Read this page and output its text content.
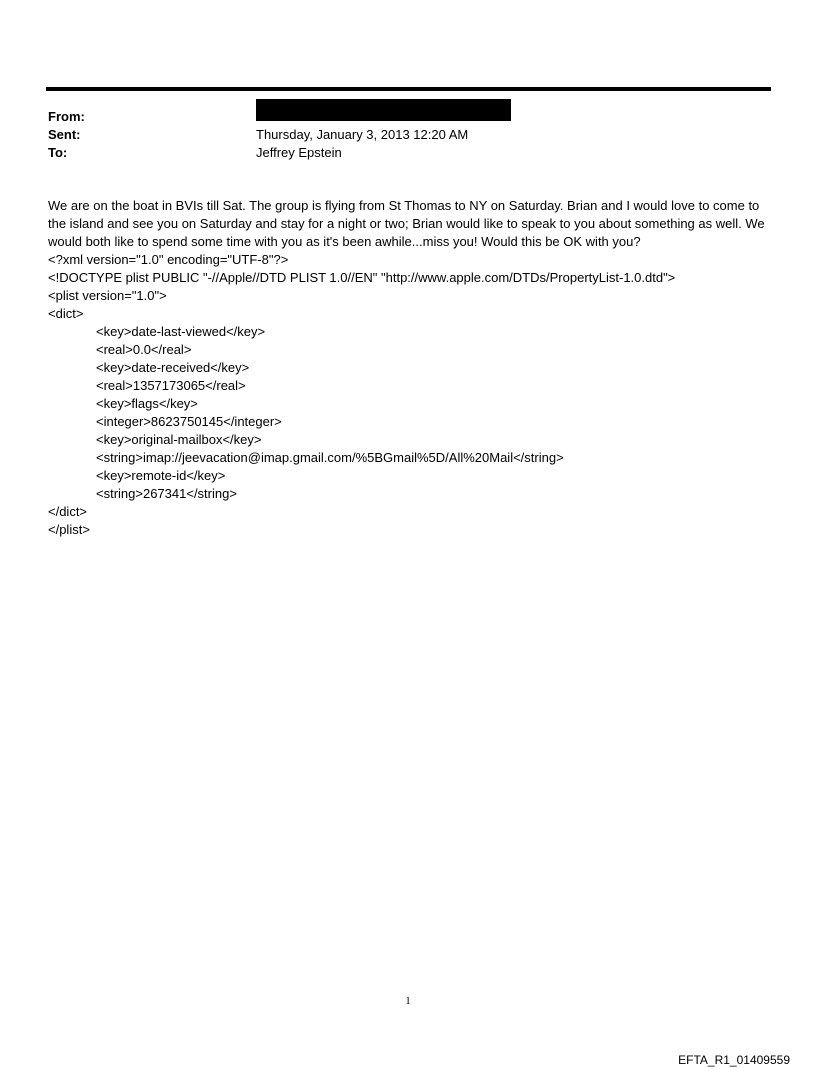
From:
Sent:	Thursday, January 3, 2013 12:20 AM
To:	Jeffrey Epstein

We are on the boat in BVIs till Sat. The group is flying from St Thomas to NY on Saturday. Brian and I would love to come to the island and see you on Saturday and stay for a night or two; Brian would like to speak to you about something as well. We would both like to spend some time with you as it's been awhile...miss you! Would this be OK with you?

<?xml version="1.0" encoding="UTF-8"?>

<!DOCTYPE plist PUBLIC "-//Apple//DTD PLIST 1.0//EN" "http://www.apple.com/DTDs/PropertyList-1.0.dtd">

<plist version="1.0">

<dict>

<key>date-last-viewed</key>

<real>0.0</real>

<key>date-received</key>

<real>1357173065</real>

<key>flags</key>

<integer>8623750145</integer>

<key>original-mailbox</key>

<string>imap://jeevacation@imap.gmail.com/%5BGmail%5D/All%20Mail</string>

<key>remote-id</key>

<string>267341</string>

</dict>

</plist>

1
EFTA_R1_01409559
